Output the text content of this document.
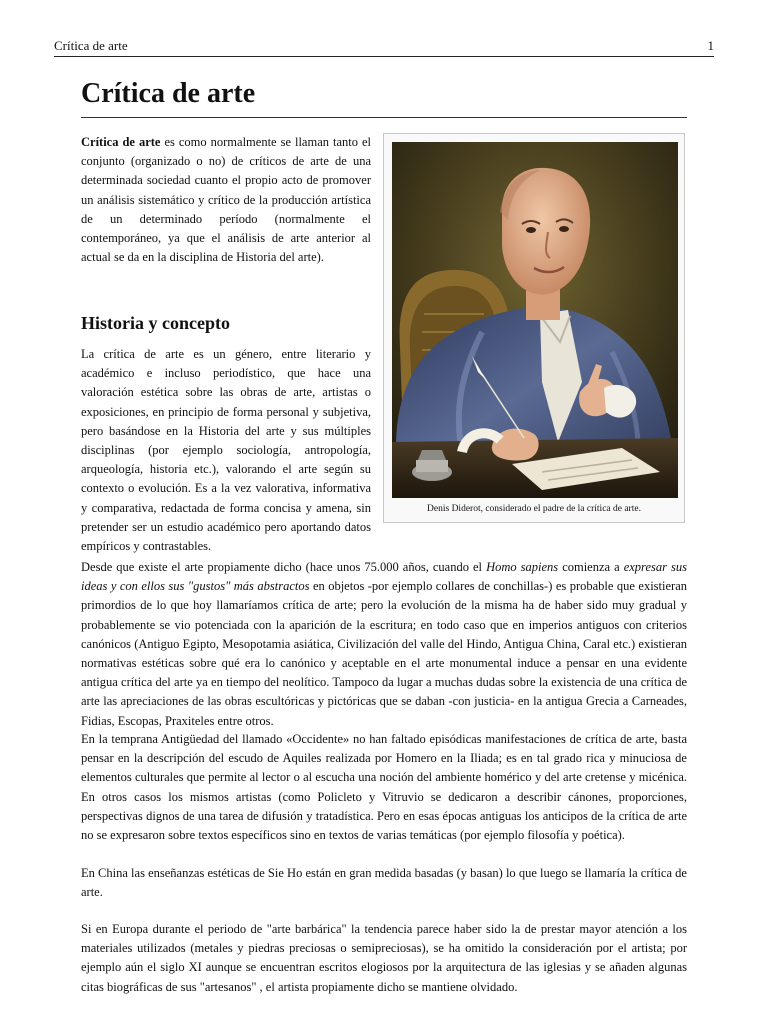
Crítica de arte	1
Crítica de arte

Crítica de arte es como normalmente se llaman tanto el conjunto (organizado o no) de críticos de arte de una determinada sociedad cuanto el propio acto de promover un análisis sistemático y crítico de la producción artística de un determinado período (normalmente el contemporáneo, ya que el análisis de arte anterior al actual se da en la disciplina de Historia del arte).

Historia y concepto

La crítica de arte es un género, entre literario y académico e incluso periodístico, que hace una valoración estética sobre las obras de arte, artistas o exposiciones, en principio de forma personal y subjetiva, pero basándose en la Historia del arte y sus múltiples disciplinas (por ejemplo sociología, antropología, arqueología, historia etc.), valorando el arte según su contexto o evolución. Es a la vez valorativa, informativa y comparativa, redactada de forma concisa y amena, sin pretender ser un estudio académico pero aportando datos empíricos y contrastables.

Desde que existe el arte propiamente dicho (hace unos 75.000 años, cuando el Homo sapiens comienza a expresar sus ideas y con ellos sus "gustos" más abstractos en objetos -por ejemplo collares de conchillas-) es probable que existieran primordios de lo que hoy llamaríamos crítica de arte; pero la evolución de la misma ha de haber sido muy gradual y probablemente se vio potenciada con la aparición de la escritura; en todo caso que en imperios antiguos con criterios canónicos (Antiguo Egipto, Mesopotamia asiática, Civilización del valle del Hindo, Antigua China, Caral etc.) existieran normativas estéticas sobre qué era lo canónico y aceptable en el arte monumental induce a pensar en una evidente antigua crítica del arte ya en tiempo del neolítico. Tampoco da lugar a muchas dudas sobre la existencia de una crítica de arte las apreciaciones de las obras escultóricas y pictóricas que se daban -con justicia- en la antigua Grecia a Carneades, Fidias, Escopas, Praxiteles entre otros.

En la temprana Antigüedad del llamado «Occidente» no han faltado episódicas manifestaciones de crítica de arte, basta pensar en la descripción del escudo de Aquiles realizada por Homero en la Iliada; es en tal grado rica y minuciosa de elementos culturales que permite al lector o al escucha una noción del ambiente homérico y del arte cretense y micénica. En otros casos los mismos artistas (como Policleto y Vitruvio se dedicaron a describir cánones, proporciones, perspectivas dignos de una tarea de difusión y tratadística. Pero en esas épocas antiguas los anticipos de la crítica de arte no se expresaron sobre textos específicos sino en textos de varias temáticas (por ejemplo filosofía y poética).

En China las enseñanzas estéticas de Sie Ho están en gran medida basadas (y basan) lo que luego se llamaría la crítica de arte.

Si en Europa durante el periodo de "arte barbárica" la tendencia parece haber sido la de prestar mayor atención a los materiales utilizados (metales y piedras preciosas o semipreciosas), se ha omitido la consideración por el artista; por ejemplo aún el siglo XI aunque se encuentran escritos elogiosos por la arquitectura de las iglesias y se añaden algunas citas biográficas de sus "artesanos" , el artista propiamente dicho se mantiene olvidado.

Denis Diderot, considerado el padre de la crítica de arte.
